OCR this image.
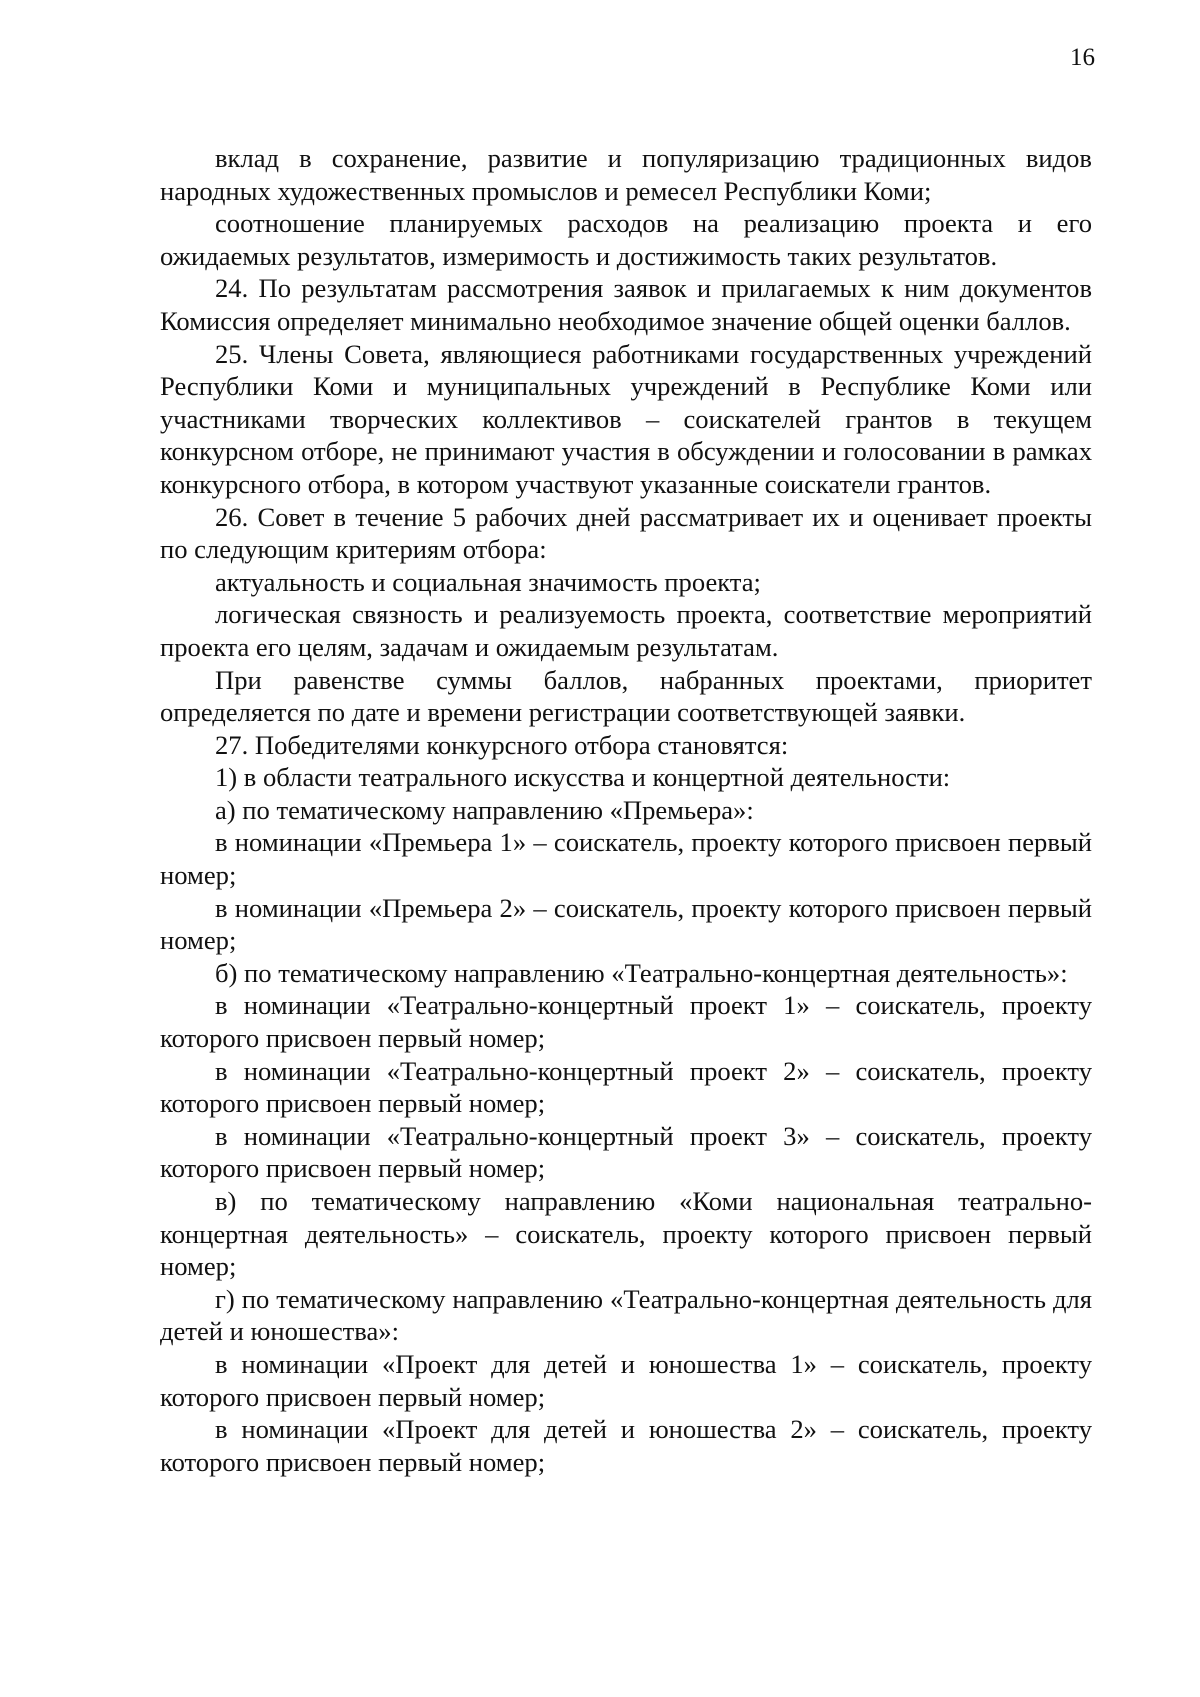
16

вклад в сохранение, развитие и популяризацию традиционных видов народных художественных промыслов и ремесел Республики Коми;

соотношение планируемых расходов на реализацию проекта и его ожидаемых результатов, измеримость и достижимость таких результатов.

24. По результатам рассмотрения заявок и прилагаемых к ним документов Комиссия определяет минимально необходимое значение общей оценки баллов.

25. Члены Совета, являющиеся работниками государственных учреждений Республики Коми и муниципальных учреждений в Республике Коми или участниками творческих коллективов – соискателей грантов в текущем конкурсном отборе, не принимают участия в обсуждении и голосовании в рамках конкурсного отбора, в котором участвуют указанные соискатели грантов.

26. Совет в течение 5 рабочих дней рассматривает их и оценивает проекты по следующим критериям отбора:

актуальность и социальная значимость проекта;

логическая связность и реализуемость проекта, соответствие мероприятий проекта его целям, задачам и ожидаемым результатам.

При равенстве суммы баллов, набранных проектами, приоритет определяется по дате и времени регистрации соответствующей заявки.

27. Победителями конкурсного отбора становятся:

1) в области театрального искусства и концертной деятельности:

а) по тематическому направлению «Премьера»:

в номинации «Премьера 1» – соискатель, проекту которого присвоен первый номер;

в номинации «Премьера 2» – соискатель, проекту которого присвоен первый номер;

б) по тематическому направлению «Театрально-концертная деятельность»:

в номинации «Театрально-концертный проект 1» – соискатель, проекту которого присвоен первый номер;

в номинации «Театрально-концертный проект 2» – соискатель, проекту которого присвоен первый номер;

в номинации «Театрально-концертный проект 3» – соискатель, проекту которого присвоен первый номер;

в) по тематическому направлению «Коми национальная театрально-концертная деятельность» – соискатель, проекту которого присвоен первый номер;

г) по тематическому направлению «Театрально-концертная деятельность для детей и юношества»:

в номинации «Проект для детей и юношества 1» – соискатель, проекту которого присвоен первый номер;

в номинации «Проект для детей и юношества 2» – соискатель, проекту которого присвоен первый номер;
